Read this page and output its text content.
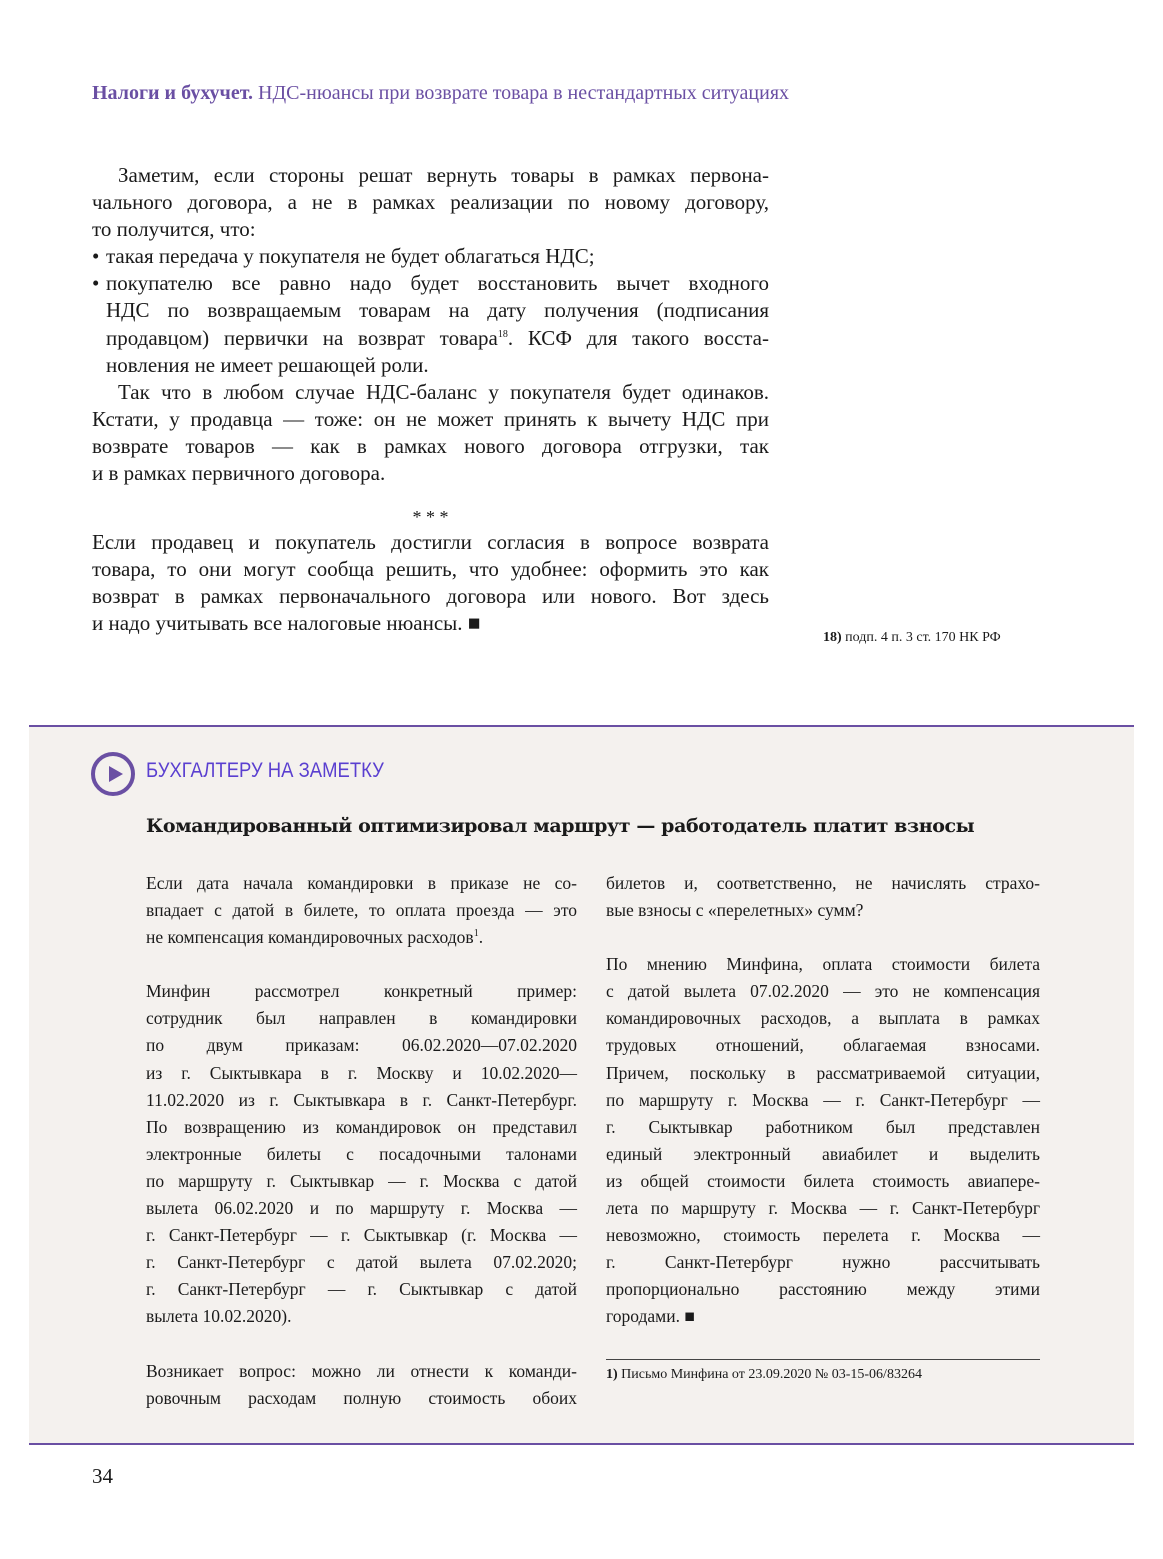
Налоги и бухучет. НДС-нюансы при возврате товара в нестандартных ситуациях
Заметим, если стороны решат вернуть товары в рамках первона-
чального договора, а не в рамках реализации по новому договору,
то получится, что:
• такая передача у покупателя не будет облагаться НДС;
• покупателю все равно надо будет восстановить вычет входного
НДС по возвращаемым товарам на дату получения (подписания
продавцом) первички на возврат товара$^{18}$. КСФ для такого восста-
новления не имеет решающей роли.
Так что в любом случае НДС-баланс у покупателя будет одинаков.
Кстати, у продавца — тоже: он не может принять к вычету НДС при
возврате товаров — как в рамках нового договора отгрузки, так
и в рамках первичного договора.
* * *
Если продавец и покупатель достигли согласия в вопросе возврата
товара, то они могут сообща решить, что удобнее: оформить это как
возврат в рамках первоначального договора или нового. Вот здесь
и надо учитывать все налоговые нюансы. ■
18) подп. 4 п. 3 ст. 170 НК РФ
БУХГАЛТЕРУ НА ЗАМЕТКУ
Командированный оптимизировал маршрут — работодатель платит взносы
Если дата начала командировки в приказе не со-
впадает с датой в билете, то оплата проезда — это
не компенсация командировочных расходов$^1$.
Минфин рассмотрел конкретный пример:
сотрудник был направлен в командировки
по двум приказам: 06.02.2020—07.02.2020
из г. Сыктывкара в г. Москву и 10.02.2020—
11.02.2020 из г. Сыктывкара в г. Санкт-Петербург.
По возвращению из командировок он представил
электронные билеты с посадочными талонами
по маршруту г. Сыктывкар — г. Москва с датой
вылета 06.02.2020 и по маршруту г. Москва —
г. Санкт-Петербург — г. Сыктывкар (г. Москва —
г. Санкт-Петербург с датой вылета 07.02.2020;
г. Санкт-Петербург — г. Сыктывкар с датой
вылета 10.02.2020).
Возникает вопрос: можно ли отнести к команди-
ровочным расходам полную стоимость обоих
билетов и, соответственно, не начислять страхо-
вые взносы с «перелетных» сумм?
По мнению Минфина, оплата стоимости билета
с датой вылета 07.02.2020 — это не компенсация
командировочных расходов, а выплата в рамках
трудовых отношений, облагаемая взносами.
Причем, поскольку в рассматриваемой ситуации,
по маршруту г. Москва — г. Санкт-Петербург —
г. Сыктывкар работником был представлен
единый электронный авиабилет и выделить
из общей стоимости билета стоимость авиапере-
лета по маршруту г. Москва — г. Санкт-Петербург
невозможно, стоимость перелета г. Москва —
г. Санкт-Петербург нужно рассчитывать
пропорционально расстоянию между этими
городами. ■
1) Письмо Минфина от 23.09.2020 № 03-15-06/83264
34
